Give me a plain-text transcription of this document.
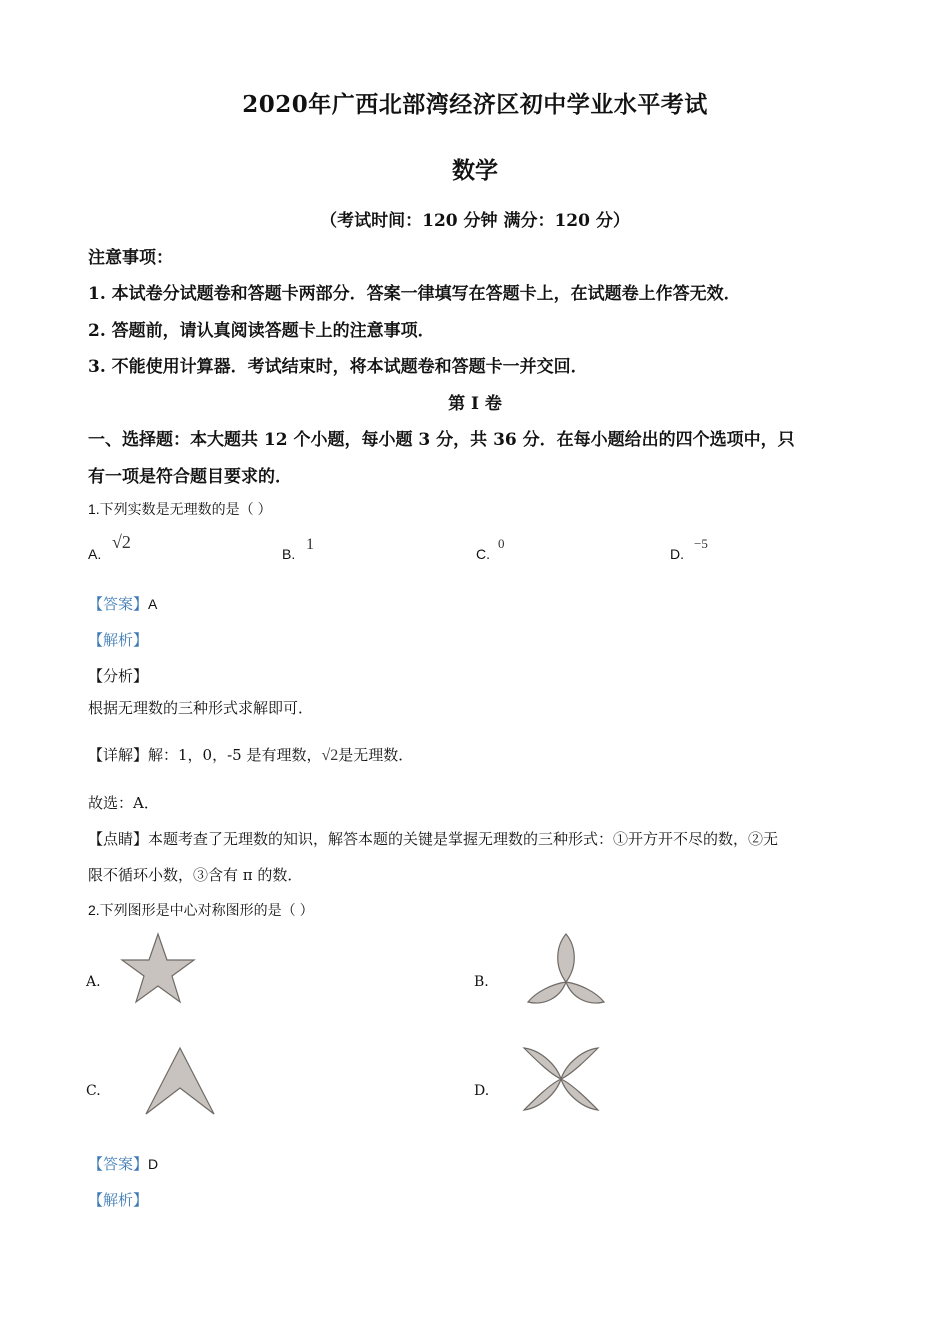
2020年广西北部湾经济区初中学业水平考试
数学
（考试时间：120 分钟 满分：120 分）
注意事项：
1. 本试卷分试题卷和答题卡两部分．答案一律填写在答题卡上，在试题卷上作答无效．
2. 答题前，请认真阅读答题卡上的注意事项．
3. 不能使用计算器．考试结束时，将本试题卷和答题卡一并交回．
第 I 卷
一、选择题：本大题共 12 个小题，每小题 3 分，共 36 分．在每小题给出的四个选项中，只
有一项是符合题目要求的．
1.下列实数是无理数的是（ ）
A.
√2
B.
1
C.
0
D.
−5
【答案】A
【解析】
【分析】
根据无理数的三种形式求解即可．
【详解】解：1，0，-5 是有理数，√2是无理数．
故选：A．
【点睛】本题考查了无理数的知识，解答本题的关键是掌握无理数的三种形式：①开方开不尽的数，②无
限不循环小数，③含有 π 的数．
2.下列图形是中心对称图形的是（ ）
A.	B.
C.	D.
【答案】D
【解析】
